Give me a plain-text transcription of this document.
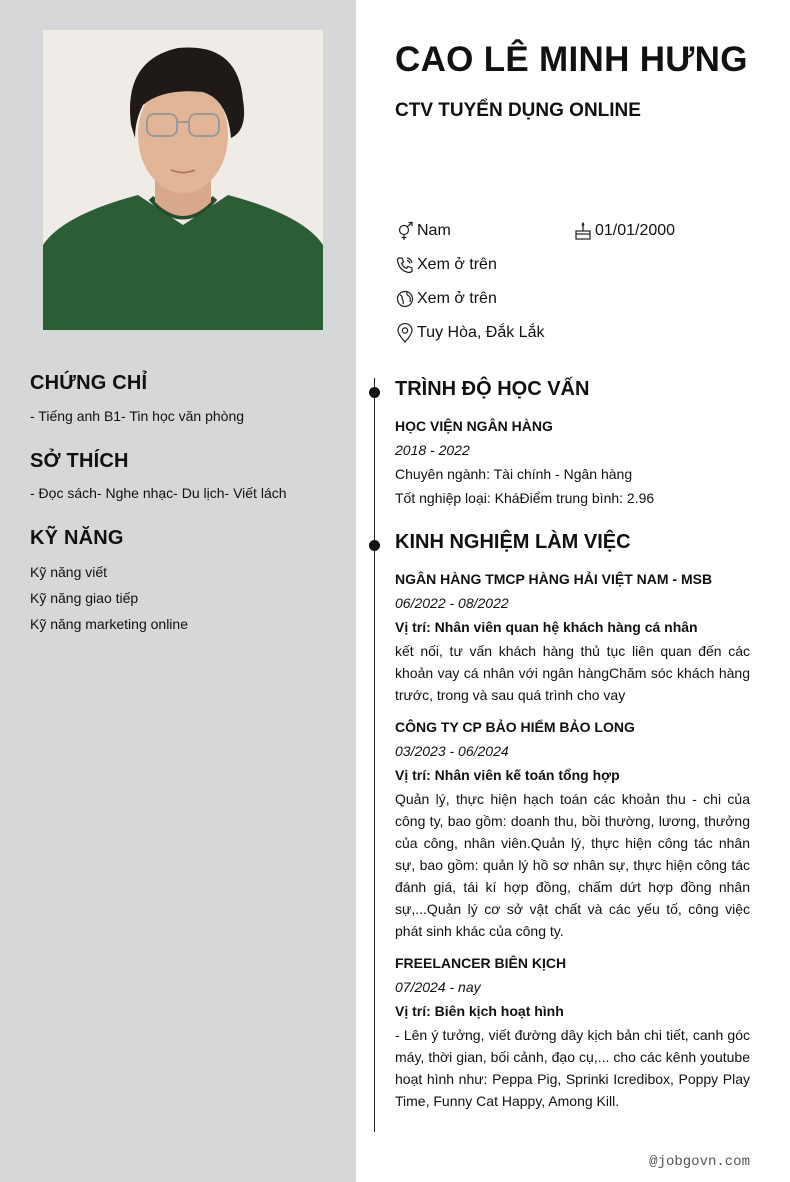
CHỨNG CHỈ

- Tiếng anh B1- Tin học văn phòng

SỞ THÍCH

- Đọc sách- Nghe nhạc- Du lịch- Viết lách

KỸ NĂNG

Kỹ năng viết

Kỹ năng giao tiếp

Kỹ năng marketing online

CAO LÊ MINH HƯNG
CTV TUYỂN DỤNG ONLINE
Nam	01/01/2000
Xem ở trên
Xem ở trên
Tuy Hòa, Đắk Lắk
TRÌNH ĐỘ HỌC VẤN

HỌC VIỆN NGÂN HÀNG

2018 - 2022

Chuyên ngành: Tài chính - Ngân hàng

Tốt nghiệp loại: KháĐiểm trung bình: 2.96

KINH NGHIỆM LÀM VIỆC

NGÂN HÀNG TMCP HÀNG HẢI VIỆT NAM - MSB

06/2022 - 08/2022

Vị trí: Nhân viên quan hệ khách hàng cá nhân

kết nối, tư vấn khách hàng thủ tục liên quan đến các khoản vay cá nhân với ngân hàngChăm sóc khách hàng trước, trong và sau quá trình cho vay

CÔNG TY CP BẢO HIỂM BẢO LONG

03/2023 - 06/2024

Vị trí: Nhân viên kế toán tổng hợp

Quản lý, thực hiện hạch toán các khoản thu - chi của công ty, bao gồm: doanh thu, bồi thường, lương, thưởng của công, nhân viên.Quản lý, thực hiện công tác nhân sự, bao gồm: quản lý hồ sơ nhân sự, thực hiện công tác đánh giá, tái kí hợp đồng, chấm dứt hợp đồng nhân sự,...Quản lý cơ sở vật chất và các yếu tố, công việc phát sinh khác của công ty.

FREELANCER BIÊN KỊCH

07/2024 - nay

Vị trí: Biên kịch hoạt hình

- Lên ý tưởng, viết đường dây kịch bản chi tiết, canh góc máy, thời gian, bối cảnh, đạo cụ,... cho các kênh youtube hoạt hình như: Peppa Pig, Sprinki Icredibox, Poppy Play Time, Funny Cat Happy, Among Kill.

@jobgovn.com
